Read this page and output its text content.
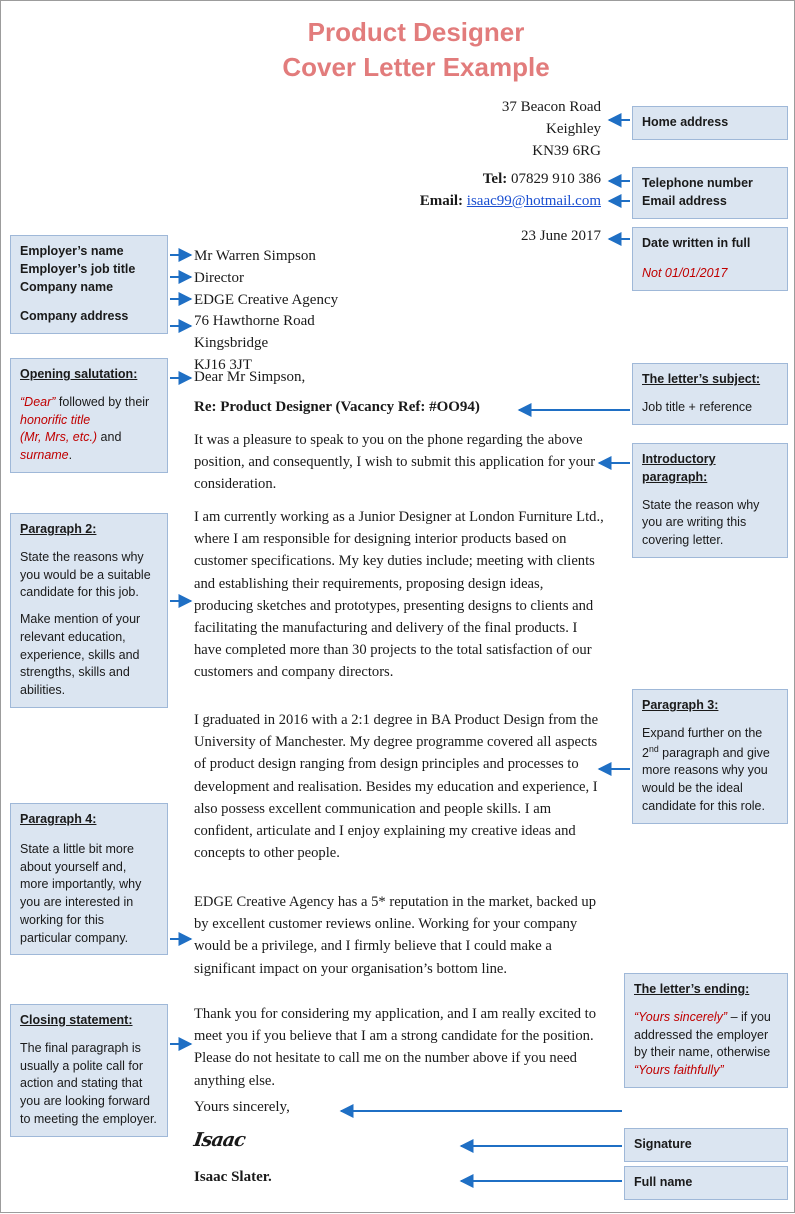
Product Designer
Cover Letter Example
37 Beacon Road
Keighley
KN39 6RG
Tel: 07829 910 386
Email: isaac99@hotmail.com
23 June 2017
Mr Warren Simpson
Director
EDGE Creative Agency
76 Hawthorne Road
Kingsbridge
KJ16 3JT
Dear Mr Simpson,
Re: Product Designer (Vacancy Ref: #OO94)
It was a pleasure to speak to you on the phone regarding the above position, and consequently, I wish to submit this application for your consideration.
I am currently working as a Junior Designer at London Furniture Ltd., where I am responsible for designing interior products based on customer specifications. My key duties include; meeting with clients and establishing their requirements, proposing design ideas, producing sketches and prototypes, presenting designs to clients and facilitating the manufacturing and delivery of the final products. I have completed more than 30 projects to the total satisfaction of our customers and company directors.
I graduated in 2016 with a 2:1 degree in BA Product Design from the University of Manchester. My degree programme covered all aspects of product design ranging from design principles and processes to development and realisation. Besides my education and experience, I also possess excellent communication and people skills. I am confident, articulate and I enjoy explaining my creative ideas and concepts to other people.
EDGE Creative Agency has a 5* reputation in the market, backed up by excellent customer reviews online. Working for your company would be a privilege, and I firmly believe that I could make a significant impact on your organisation’s bottom line.
Thank you for considering my application, and I am really excited to meet you if you believe that I am a strong candidate for the position. Please do not hesitate to call me on the number above if you need anything else.
Yours sincerely,
Isaac
Isaac Slater.
Home address
Telephone number
Email address
Date written in full
Not 01/01/2017
Employer’s name
Employer’s job title
Company name
Company address
Opening salutation:
“Dear” followed by their honorific title
(Mr, Mrs, etc.) and surname.
The letter’s subject:
Job title + reference
Introductory paragraph:
State the reason why you are writing this covering letter.
Paragraph 2:

State the reasons why you would be a suitable candidate for this job.

Make mention of your relevant education, experience, skills and strengths, skills and abilities.

Paragraph 3:
Expand further on the 2nd paragraph and give more reasons why you would be the ideal candidate for this role.
Paragraph 4:
State a little bit more about yourself and, more importantly, why you are interested in working for this particular company.
Closing statement:
The final paragraph is usually a polite call for action and stating that you are looking forward to meeting the employer.
The letter’s ending:
“Yours sincerely” – if you addressed the employer by their name, otherwise
“Yours faithfully”
Signature
Full name
